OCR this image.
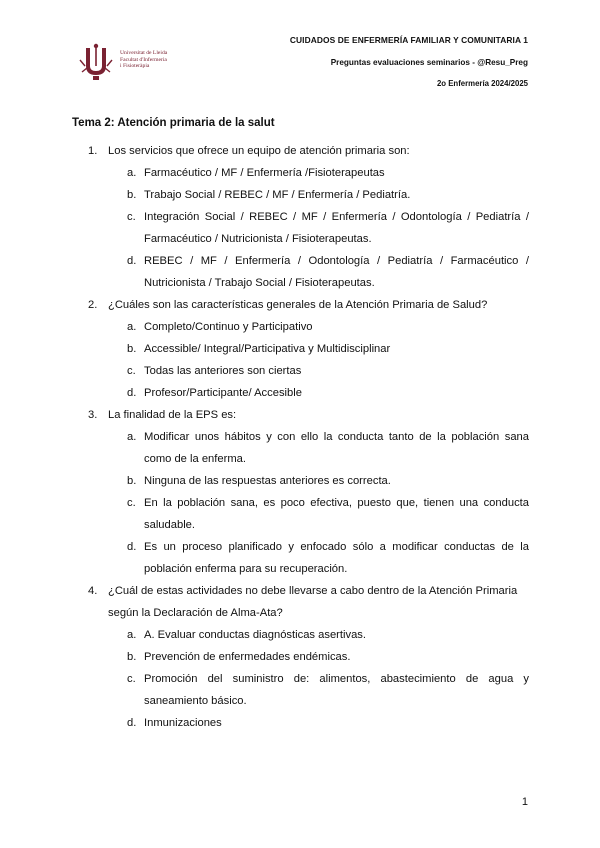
Universitat de Lleida
Facultat d'Infermeria
i Fisioteràpia
CUIDADOS DE ENFERMERÍA FAMILIAR Y COMUNITARIA 1
Preguntas evaluaciones seminarios - @Resu_Preg
2o Enfermería 2024/2025
Tema 2: Atención primaria de la salut
1. Los servicios que ofrece un equipo de atención primaria son:
a. Farmacéutico / MF / Enfermería /Fisioterapeutas
b. Trabajo Social / REBEC / MF / Enfermería / Pediatría.
c. Integración Social / REBEC / MF / Enfermería / Odontología / Pediatría / Farmacéutico / Nutricionista / Fisioterapeutas.
d. REBEC / MF / Enfermería / Odontología / Pediatría / Farmacéutico / Nutricionista / Trabajo Social / Fisioterapeutas.
2. ¿Cuáles son las características generales de la Atención Primaria de Salud?
a. Completo/Continuo y Participativo
b. Accessible/ Integral/Participativa y Multidisciplinar
c. Todas las anteriores son ciertas
d. Profesor/Participante/ Accesible
3. La finalidad de la EPS es:
a. Modificar unos hábitos y con ello la conducta tanto de la población sana como de la enferma.
b. Ninguna de las respuestas anteriores es correcta.
c. En la población sana, es poco efectiva, puesto que, tienen una conducta saludable.
d. Es un proceso planificado y enfocado sólo a modificar conductas de la población enferma para su recuperación.
4. ¿Cuál de estas actividades no debe llevarse a cabo dentro de la Atención Primaria según la Declaración de Alma-Ata?
a. A. Evaluar conductas diagnósticas asertivas.
b. Prevención de enfermedades endémicas.
c. Promoción del suministro de: alimentos, abastecimiento de agua y saneamiento básico.
d. Inmunizaciones
1
